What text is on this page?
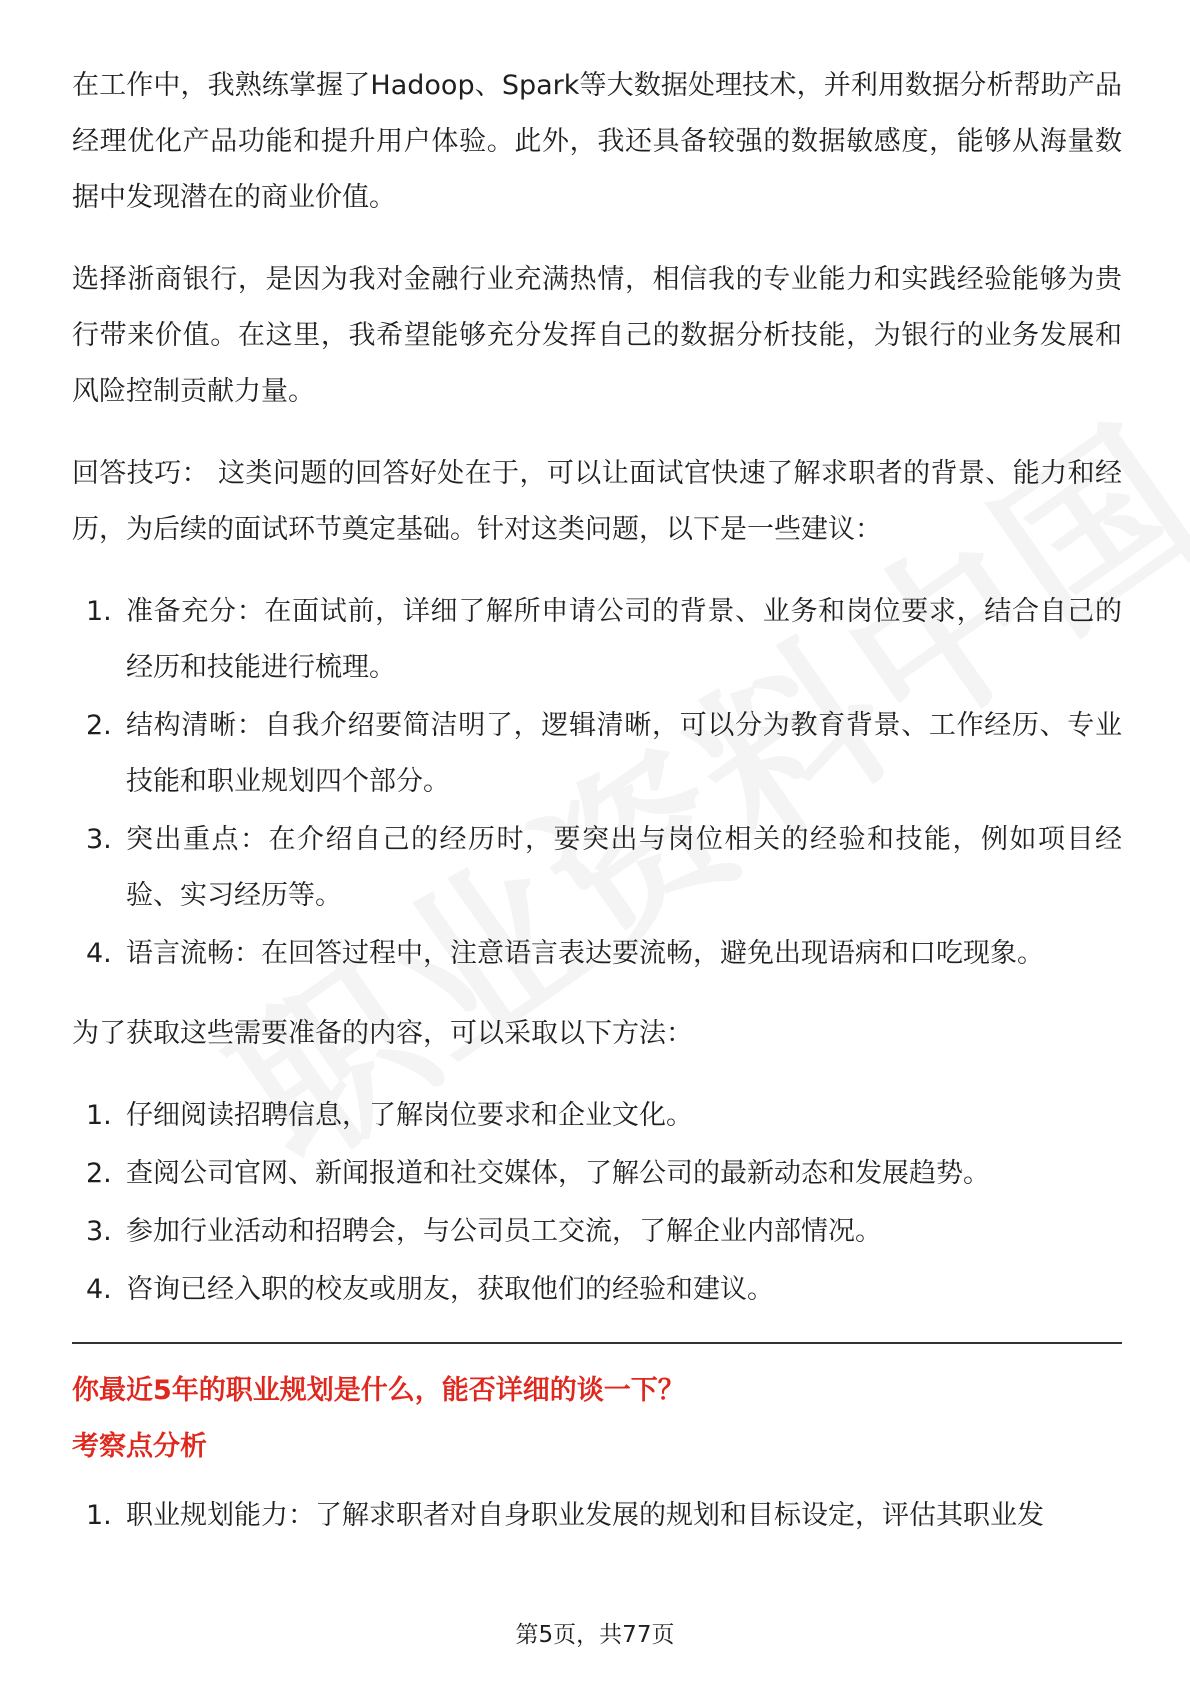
在工作中，我熟练掌握了Hadoop、Spark等大数据处理技术，并利用数据分析帮助产品经理优化产品功能和提升用户体验。此外，我还具备较强的数据敏感度，能够从海量数据中发现潜在的商业价值。

选择浙商银行，是因为我对金融行业充满热情，相信我的专业能力和实践经验能够为贵行带来价值。在这里，我希望能够充分发挥自己的数据分析技能，为银行的业务发展和风险控制贡献力量。

回答技巧： 这类问题的回答好处在于，可以让面试官快速了解求职者的背景、能力和经历，为后续的面试环节奠定基础。针对这类问题，以下是一些建议：

1. 准备充分：在面试前，详细了解所申请公司的背景、业务和岗位要求，结合自己的经历和技能进行梳理。
2. 结构清晰：自我介绍要简洁明了，逻辑清晰，可以分为教育背景、工作经历、专业技能和职业规划四个部分。
3. 突出重点：在介绍自己的经历时，要突出与岗位相关的经验和技能，例如项目经验、实习经历等。
4. 语言流畅：在回答过程中，注意语言表达要流畅，避免出现语病和口吃现象。

为了获取这些需要准备的内容，可以采取以下方法：

1. 仔细阅读招聘信息，了解岗位要求和企业文化。
2. 查阅公司官网、新闻报道和社交媒体，了解公司的最新动态和发展趋势。
3. 参加行业活动和招聘会，与公司员工交流，了解企业内部情况。
4. 咨询已经入职的校友或朋友，获取他们的经验和建议。
你最近5年的职业规划是什么，能否详细的谈一下？
考察点分析
1. 职业规划能力：了解求职者对自身职业发展的规划和目标设定，评估其职业发
第5页，共77页
